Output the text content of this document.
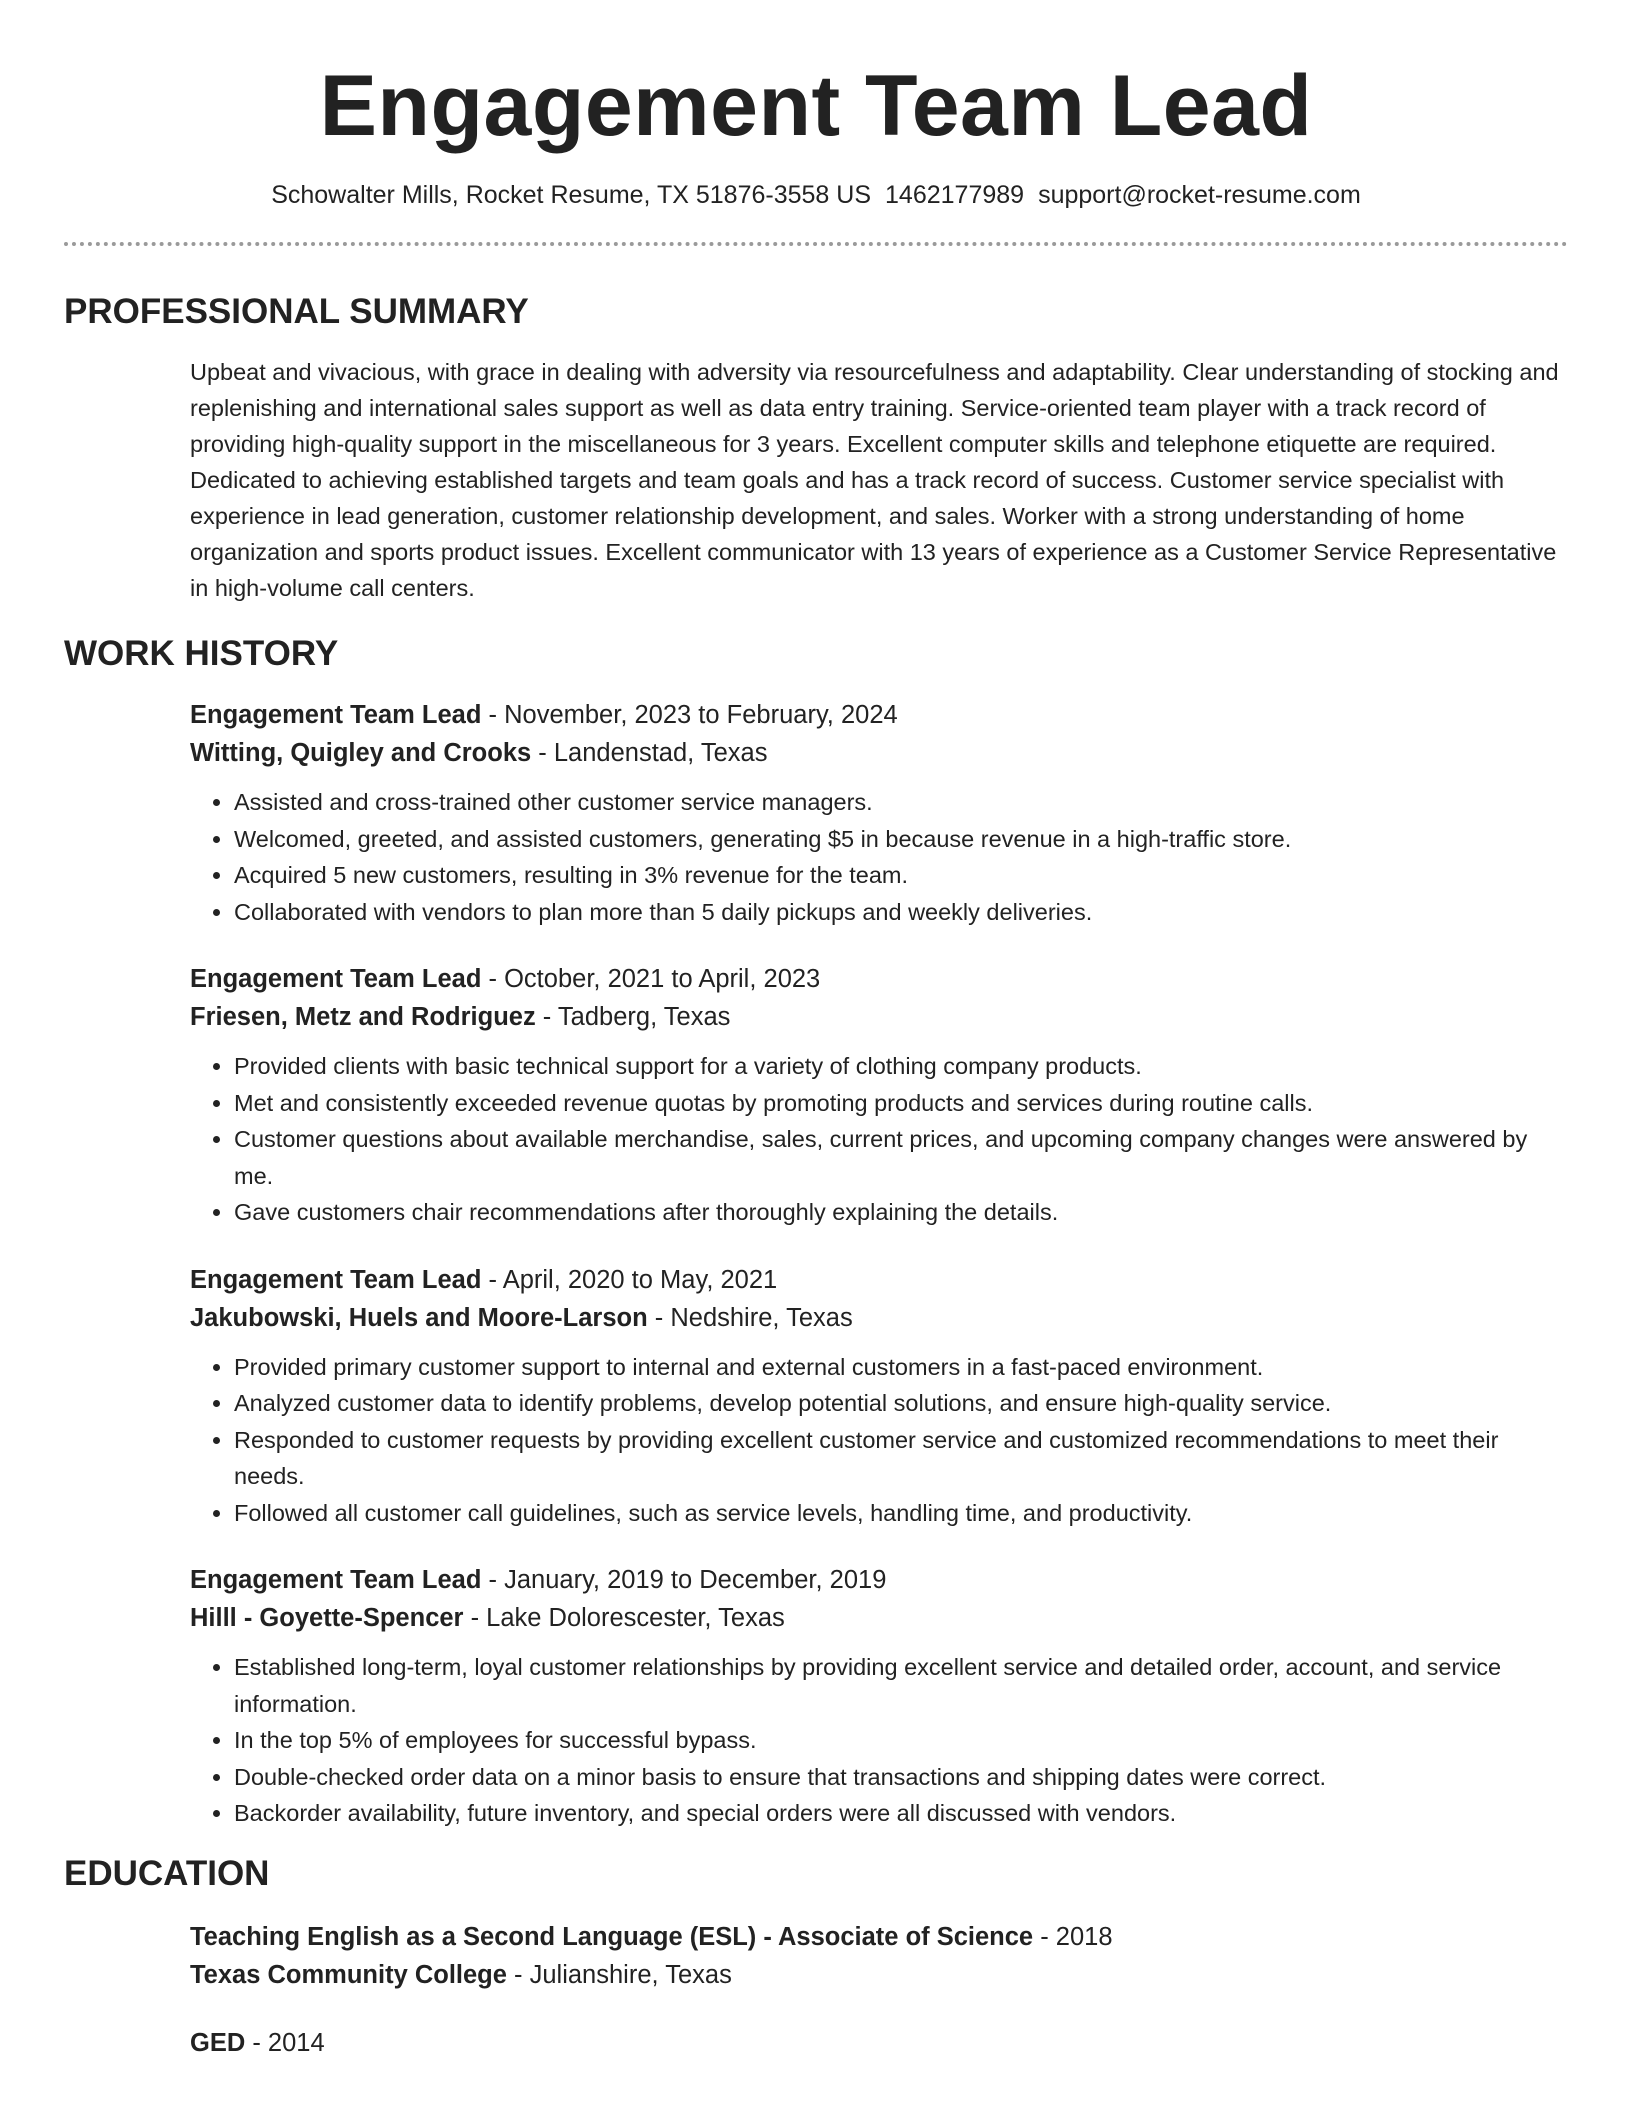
Engagement Team Lead
Schowalter Mills, Rocket Resume, TX 51876-3558 US 1462177989 support@rocket-resume.com
PROFESSIONAL SUMMARY

Upbeat and vivacious, with grace in dealing with adversity via resourcefulness and adaptability. Clear understanding of stocking and replenishing and international sales support as well as data entry training. Service-oriented team player with a track record of providing high-quality support in the miscellaneous for 3 years. Excellent computer skills and telephone etiquette are required. Dedicated to achieving established targets and team goals and has a track record of success. Customer service specialist with experience in lead generation, customer relationship development, and sales. Worker with a strong understanding of home organization and sports product issues. Excellent communicator with 13 years of experience as a Customer Service Representative in high-volume call centers.

WORK HISTORY
Engagement Team Lead - November, 2023 to February, 2024
Witting, Quigley and Crooks - Landenstad, Texas
• Assisted and cross-trained other customer service managers.
• Welcomed, greeted, and assisted customers, generating $5 in because revenue in a high-traffic store.
• Acquired 5 new customers, resulting in 3% revenue for the team.
• Collaborated with vendors to plan more than 5 daily pickups and weekly deliveries.
Engagement Team Lead - October, 2021 to April, 2023
Friesen, Metz and Rodriguez - Tadberg, Texas
• Provided clients with basic technical support for a variety of clothing company products.
• Met and consistently exceeded revenue quotas by promoting products and services during routine calls.
• Customer questions about available merchandise, sales, current prices, and upcoming company changes were answered by me.
• Gave customers chair recommendations after thoroughly explaining the details.
Engagement Team Lead - April, 2020 to May, 2021
Jakubowski, Huels and Moore-Larson - Nedshire, Texas
• Provided primary customer support to internal and external customers in a fast-paced environment.
• Analyzed customer data to identify problems, develop potential solutions, and ensure high-quality service.
• Responded to customer requests by providing excellent customer service and customized recommendations to meet their needs.
• Followed all customer call guidelines, such as service levels, handling time, and productivity.
Engagement Team Lead - January, 2019 to December, 2019
Hilll - Goyette-Spencer - Lake Dolorescester, Texas
• Established long-term, loyal customer relationships by providing excellent service and detailed order, account, and service information.
• In the top 5% of employees for successful bypass.
• Double-checked order data on a minor basis to ensure that transactions and shipping dates were correct.
• Backorder availability, future inventory, and special orders were all discussed with vendors.
EDUCATION
Teaching English as a Second Language (ESL) - Associate of Science - 2018
Texas Community College - Julianshire, Texas
GED - 2014
